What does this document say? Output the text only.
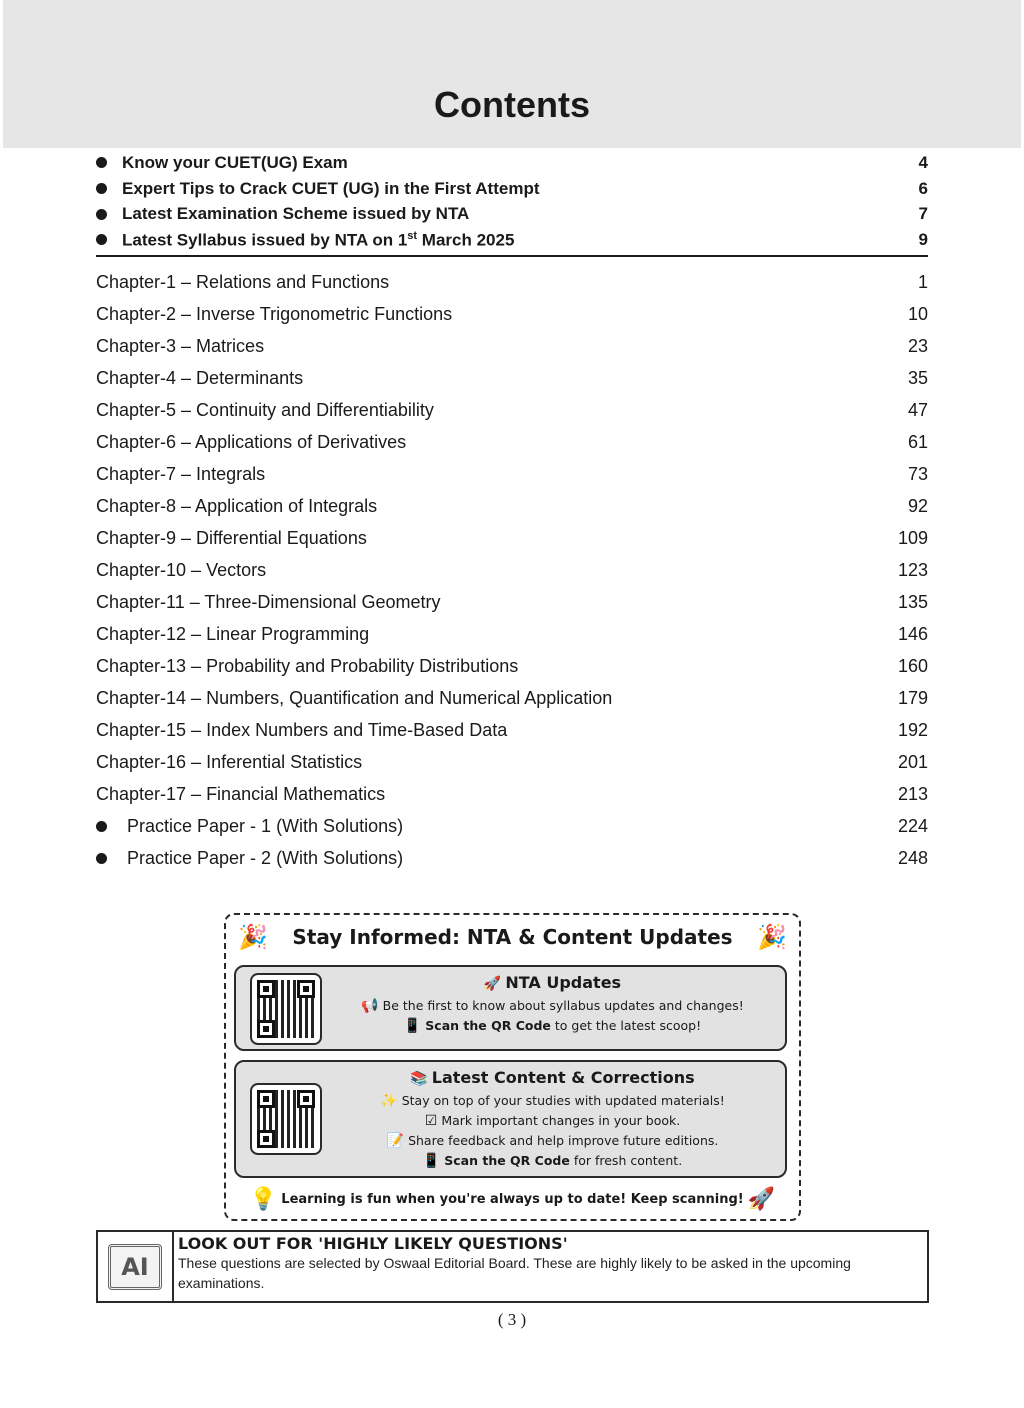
Contents
Know your CUET(UG) Exam	4
Expert Tips to Crack CUET (UG) in the First Attempt	6
Latest Examination Scheme issued by NTA	7
Latest Syllabus issued by NTA on 1st March 2025	9
Chapter-1 – Relations and Functions	1
Chapter-2 – Inverse Trigonometric Functions	10
Chapter-3 – Matrices	23
Chapter-4 – Determinants	35
Chapter-5 – Continuity and Differentiability	47
Chapter-6 – Applications of Derivatives	61
Chapter-7 – Integrals	73
Chapter-8 – Application of Integrals	92
Chapter-9 – Differential Equations	109
Chapter-10 – Vectors	123
Chapter-11 – Three-Dimensional Geometry	135
Chapter-12 – Linear Programming	146
Chapter-13 – Probability and Probability Distributions	160
Chapter-14 – Numbers, Quantification and Numerical Application	179
Chapter-15 – Index Numbers and Time-Based Data	192
Chapter-16 – Inferential Statistics	201
Chapter-17 – Financial Mathematics	213
Practice Paper - 1 (With Solutions)	224
Practice Paper - 2 (With Solutions)	248
🎉	Stay Informed: NTA & Content Updates	🎉
🚀 NTA Updates
📢 Be the first to know about syllabus updates and changes!
📱 Scan the QR Code to get the latest scoop!
📚 Latest Content & Corrections
✨ Stay on top of your studies with updated materials!
☑ Mark important changes in your book.
📝 Share feedback and help improve future editions.
📱 Scan the QR Code for fresh content.
💡 Learning is fun when you're always up to date! Keep scanning! 🚀
AI
LOOK OUT FOR 'HIGHLY LIKELY QUESTIONS'
These questions are selected by Oswaal Editorial Board. These are highly likely to be asked in the upcoming examinations.
( 3 )
